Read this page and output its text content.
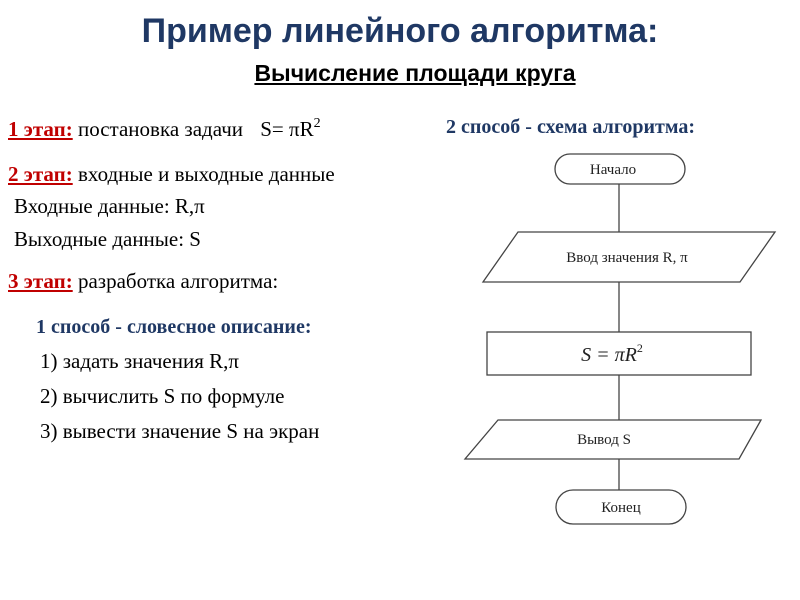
Пример линейного алгоритма:
Вычисление площади круга
1 этап: постановка задачи $S= \pi R^2$
2 этап: входные и выходные данные
Входные данные: R,π
Выходные данные: S
3 этап: разработка алгоритма:
1 способ - словесное описание:
1) задать значения R,π
2) вычислить S по формуле
3) вывести значение S на экран
2 способ - схема алгоритма:
Начало
Ввод значения R, π
$S = \pi R^2$
Вывод S
Конец
